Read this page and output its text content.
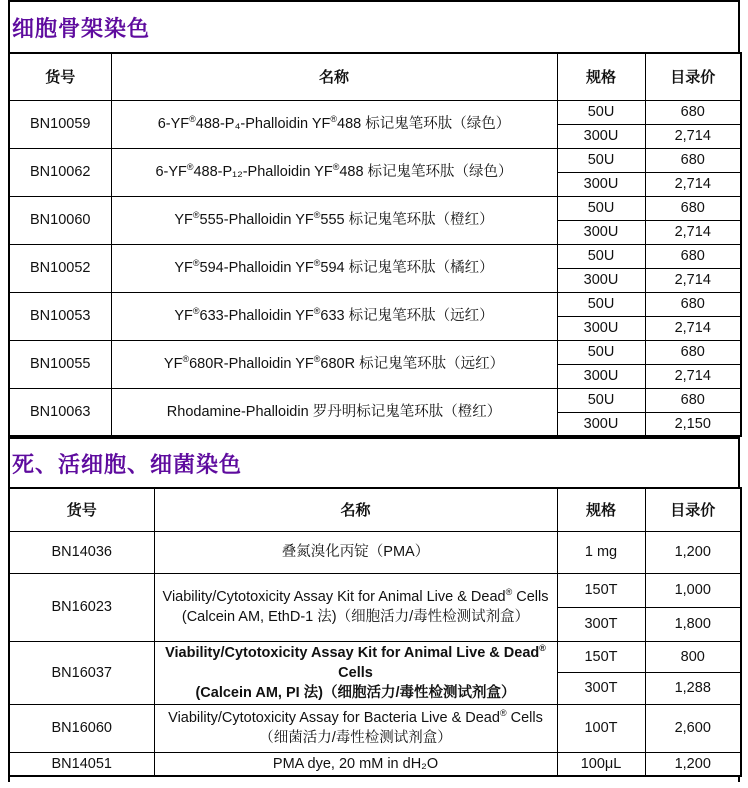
细胞骨架染色
货号	名称	规格	目录价
BN10059	6-YF®488-P₄-Phalloidin YF®488 标记鬼笔环肽（绿色）	50U	680
		300U	2,714
BN10062	6-YF®488-P₁₂-Phalloidin YF®488 标记鬼笔环肽（绿色）	50U	680
		300U	2,714
BN10060	YF®555-Phalloidin YF®555 标记鬼笔环肽（橙红）	50U	680
		300U	2,714
BN10052	YF®594-Phalloidin YF®594 标记鬼笔环肽（橘红）	50U	680
		300U	2,714
BN10053	YF®633-Phalloidin YF®633 标记鬼笔环肽（远红）	50U	680
		300U	2,714
BN10055	YF®680R-Phalloidin YF®680R 标记鬼笔环肽（远红）	50U	680
		300U	2,714
BN10063	Rhodamine-Phalloidin 罗丹明标记鬼笔环肽（橙红）	50U	680
		300U	2,150
死、活细胞、细菌染色
货号	名称	规格	目录价
BN14036	叠氮溴化丙锭（PMA）	1 mg	1,200
BN16023	Viability/Cytotoxicity Assay Kit for Animal Live & Dead® Cells
(Calcein AM, EthD-1 法)（细胞活力/毒性检测试剂盒）	150T	1,000
		300T	1,800
BN16037	Viability/Cytotoxicity Assay Kit for Animal Live & Dead® Cells
(Calcein AM, PI 法)（细胞活力/毒性检测试剂盒）	150T	800
		300T	1,288
BN16060	Viability/Cytotoxicity Assay for Bacteria Live & Dead® Cells
（细菌活力/毒性检测试剂盒）	100T	2,600
BN14051	PMA dye, 20 mM in dH₂O	100μL	1,200
